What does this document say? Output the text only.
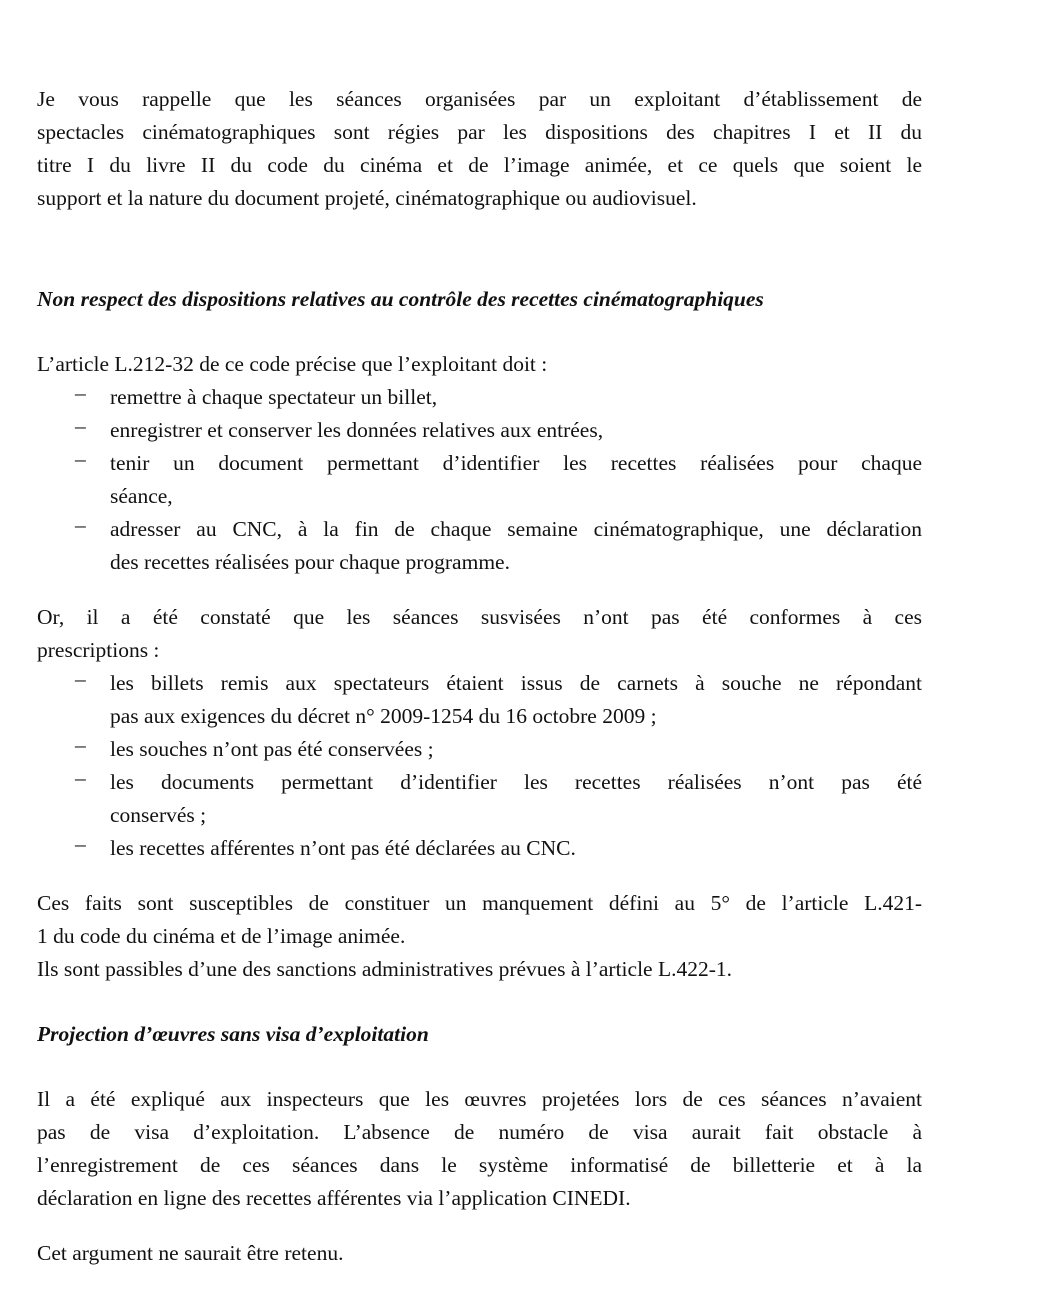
Je vous rappelle que les séances organisées par un exploitant d’établissement de
spectacles cinématographiques sont régies par les dispositions des chapitres I et II du
titre I du livre II du code du cinéma et de l’image animée, et ce quels que soient le
support et la nature du document projeté, cinématographique ou audiovisuel.
Non respect des dispositions relatives au contrôle des recettes cinématographiques
L’article L.212-32 de ce code précise que l’exploitant doit :
– remettre à chaque spectateur un billet,
– enregistrer et conserver les données relatives aux entrées,
– tenir un document permettant d’identifier les recettes réalisées pour chaque
séance,
– adresser au CNC, à la fin de chaque semaine cinématographique, une déclaration
des recettes réalisées pour chaque programme.
Or, il a été constaté que les séances susvisées n’ont pas été conformes à ces
prescriptions :
– les billets remis aux spectateurs étaient issus de carnets à souche ne répondant
pas aux exigences du décret n° 2009-1254 du 16 octobre 2009 ;
– les souches n’ont pas été conservées ;
– les documents permettant d’identifier les recettes réalisées n’ont pas été
conservés ;
– les recettes afférentes n’ont pas été déclarées au CNC.
Ces faits sont susceptibles de constituer un manquement défini au 5° de l’article L.421-
1 du code du cinéma et de l’image animée.
Ils sont passibles d’une des sanctions administratives prévues à l’article L.422-1.
Projection d’œuvres sans visa d’exploitation
Il a été expliqué aux inspecteurs que les œuvres projetées lors de ces séances n’avaient
pas de visa d’exploitation. L’absence de numéro de visa aurait fait obstacle à
l’enregistrement de ces séances dans le système informatisé de billetterie et à la
déclaration en ligne des recettes afférentes via l’application CINEDI.
Cet argument ne saurait être retenu.
